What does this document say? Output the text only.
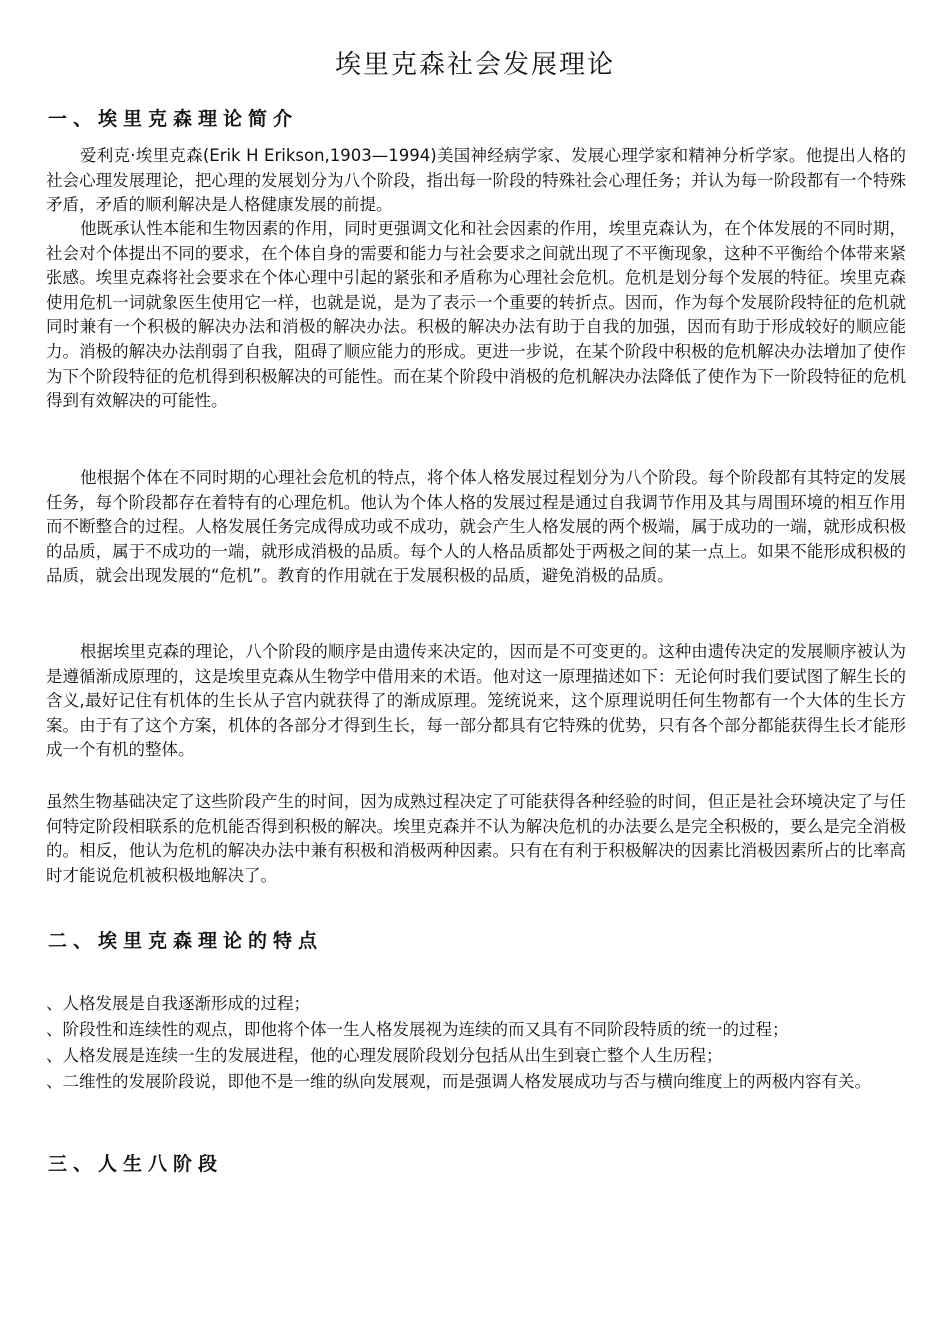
埃里克森社会发展理论
一、埃里克森理论简介

爱利克·埃里克森(Erik H Erikson,1903—1994)美国神经病学家、发展心理学家和精神分析学家。他提出人格的社会心理发展理论，把心理的发展划分为八个阶段，指出每一阶段的特殊社会心理任务；并认为每一阶段都有一个特殊矛盾，矛盾的顺利解决是人格健康发展的前提。

他既承认性本能和生物因素的作用，同时更强调文化和社会因素的作用，埃里克森认为，在个体发展的不同时期，社会对个体提出不同的要求，在个体自身的需要和能力与社会要求之间就出现了不平衡现象，这种不平衡给个体带来紧张感。埃里克森将社会要求在个体心理中引起的紧张和矛盾称为心理社会危机。危机是划分每个发展的特征。埃里克森使用危机一词就象医生使用它一样，也就是说，是为了表示一个重要的转折点。因而，作为每个发展阶段特征的危机就同时兼有一个积极的解决办法和消极的解决办法。积极的解决办法有助于自我的加强，因而有助于形成较好的顺应能力。消极的解决办法削弱了自我，阻碍了顺应能力的形成。更进一步说，在某个阶段中积极的危机解决办法增加了使作为下个阶段特征的危机得到积极解决的可能性。而在某个阶段中消极的危机解决办法降低了使作为下一阶段特征的危机得到有效解决的可能性。

他根据个体在不同时期的心理社会危机的特点，将个体人格发展过程划分为八个阶段。每个阶段都有其特定的发展任务，每个阶段都存在着特有的心理危机。他认为个体人格的发展过程是通过自我调节作用及其与周围环境的相互作用而不断整合的过程。人格发展任务完成得成功或不成功，就会产生人格发展的两个极端，属于成功的一端，就形成积极的品质，属于不成功的一端，就形成消极的品质。每个人的人格品质都处于两极之间的某一点上。如果不能形成积极的品质，就会出现发展的“危机”。教育的作用就在于发展积极的品质，避免消极的品质。

根据埃里克森的理论，八个阶段的顺序是由遗传来决定的，因而是不可变更的。这种由遗传决定的发展顺序被认为是遵循渐成原理的，这是埃里克森从生物学中借用来的术语。他对这一原理描述如下：无论何时我们要试图了解生长的含义,最好记住有机体的生长从子宫内就获得了的渐成原理。笼统说来，这个原理说明任何生物都有一个大体的生长方案。由于有了这个方案，机体的各部分才得到生长，每一部分都具有它特殊的优势，只有各个部分都能获得生长才能形成一个有机的整体。

虽然生物基础决定了这些阶段产生的时间，因为成熟过程决定了可能获得各种经验的时间，但正是社会环境决定了与任何特定阶段相联系的危机能否得到积极的解决。埃里克森并不认为解决危机的办法要么是完全积极的，要么是完全消极的。相反，他认为危机的解决办法中兼有积极和消极两种因素。只有在有利于积极解决的因素比消极因素所占的比率高时才能说危机被积极地解决了。

二、埃里克森理论的特点
、人格发展是自我逐渐形成的过程；
、阶段性和连续性的观点，即他将个体一生人格发展视为连续的而又具有不同阶段特质的统一的过程；
、人格发展是连续一生的发展进程，他的心理发展阶段划分包括从出生到衰亡整个人生历程；
、二维性的发展阶段说，即他不是一维的纵向发展观，而是强调人格发展成功与否与横向维度上的两极内容有关。
三、人生八阶段
